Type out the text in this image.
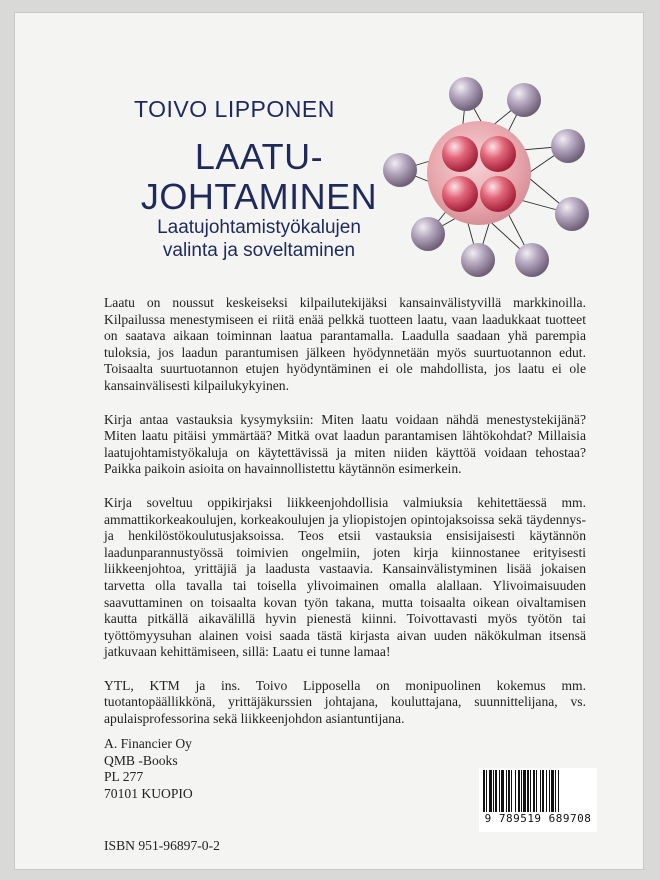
TOIVO LIPPONEN
LAATU-
JOHTAMINEN
Laatujohtamistyökalujen
valinta ja soveltaminen

Laatu on noussut keskeiseksi kilpailutekijäksi kansainvälistyvillä markkinoilla. Kilpailussa menestymiseen ei riitä enää pelkkä tuotteen laatu, vaan laadukkaat tuotteet on saatava aikaan toiminnan laatua parantamalla. Laadulla saadaan yhä parempia tuloksia, jos laadun parantumisen jälkeen hyödynnetään myös suurtuotannon edut. Toisaalta suurtuotannon etujen hyödyntäminen ei ole mahdollista, jos laatu ei ole kansainvälisesti kilpailukykyinen.

Kirja antaa vastauksia kysymyksiin: Miten laatu voidaan nähdä menestystekijänä? Miten laatu pitäisi ymmärtää? Mitkä ovat laadun parantamisen lähtökohdat? Millaisia laatujohtamistyökaluja on käytettävissä ja miten niiden käyttöä voidaan tehostaa? Paikka paikoin asioita on havainnollistettu käytännön esimerkein.

Kirja soveltuu oppikirjaksi liikkeenjohdollisia valmiuksia kehitettäessä mm. ammattikorkeakoulujen, korkeakoulujen ja yliopistojen opintojaksoissa sekä täydennys- ja henkilöstökoulutusjaksoissa. Teos etsii vastauksia ensisijaisesti käytännön laadunparannustyössä toimivien ongelmiin, joten kirja kiinnostanee erityisesti liikkeenjohtoa, yrittäjiä ja laadusta vastaavia. Kansainvälistyminen lisää jokaisen tarvetta olla tavalla tai toisella ylivoimainen omalla alallaan. Ylivoimaisuuden saavuttaminen on toisaalta kovan työn takana, mutta toisaalta oikean oivaltamisen kautta pitkällä aikavälillä hyvin pienestä kiinni. Toivottavasti myös työtön tai työttömyysuhan alainen voisi saada tästä kirjasta aivan uuden näkökulman itsensä jatkuvaan kehittämiseen, sillä: Laatu ei tunne lamaa!

YTL, KTM ja ins. Toivo Lipposella on monipuolinen kokemus mm. tuotantopäällikkönä, yrittäjäkurssien johtajana, kouluttajana, suunnittelijana, vs. apulaisprofessorina sekä liikkeenjohdon asiantuntijana.

A. Financier Oy
QMB -Books
PL 277
70101 KUOPIO
ISBN 951-96897-0-2
9 789519 689708
